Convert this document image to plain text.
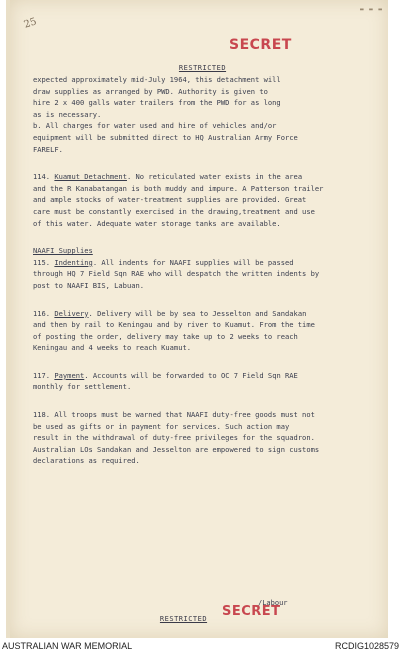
25
▬ ▬ ▬
RESTRICTED
SECRET

expected approximately mid-July 1964, this detachment will

draw supplies as arranged by PWD. Authority is given to

hire 2 x 400 galls water trailers from the PWD for as long

as is necessary.

b. All charges for water used and hire of vehicles and/or

equipment will be submitted direct to HQ Australian Army Force

FARELF.

114. Kuamut Detachment. No reticulated water exists in the area

and the R Kanabatangan is both muddy and impure. A Patterson trailer

and ample stocks of water-treatment supplies are provided. Great

care must be constantly exercised in the drawing,treatment and use

of this water. Adequate water storage tanks are available.

NAAFI Supplies

115. Indenting. All indents for NAAFI supplies will be passed

through HQ 7 Field Sqn RAE who will despatch the written indents by

post to NAAFI BIS, Labuan.

116. Delivery. Delivery will be by sea to Jesselton and Sandakan

and then by rail to Keningau and by river to Kuamut. From the time

of posting the order, delivery may take up to 2 weeks to reach

Keningau and 4 weeks to reach Kuamut.

117. Payment. Accounts will be forwarded to OC 7 Field Sqn RAE

monthly for settlement.

118. All troops must be warned that NAAFI duty-free goods must not

be used as gifts or in payment for services. Such action may

result in the withdrawal of duty-free privileges for the squadron.

Australian LOs Sandakan and Jesselton are empowered to sign customs

declarations as required.

/Labour
RESTRICTED	SECRET
AUSTRALIAN WAR MEMORIAL	RCDIG1028579
